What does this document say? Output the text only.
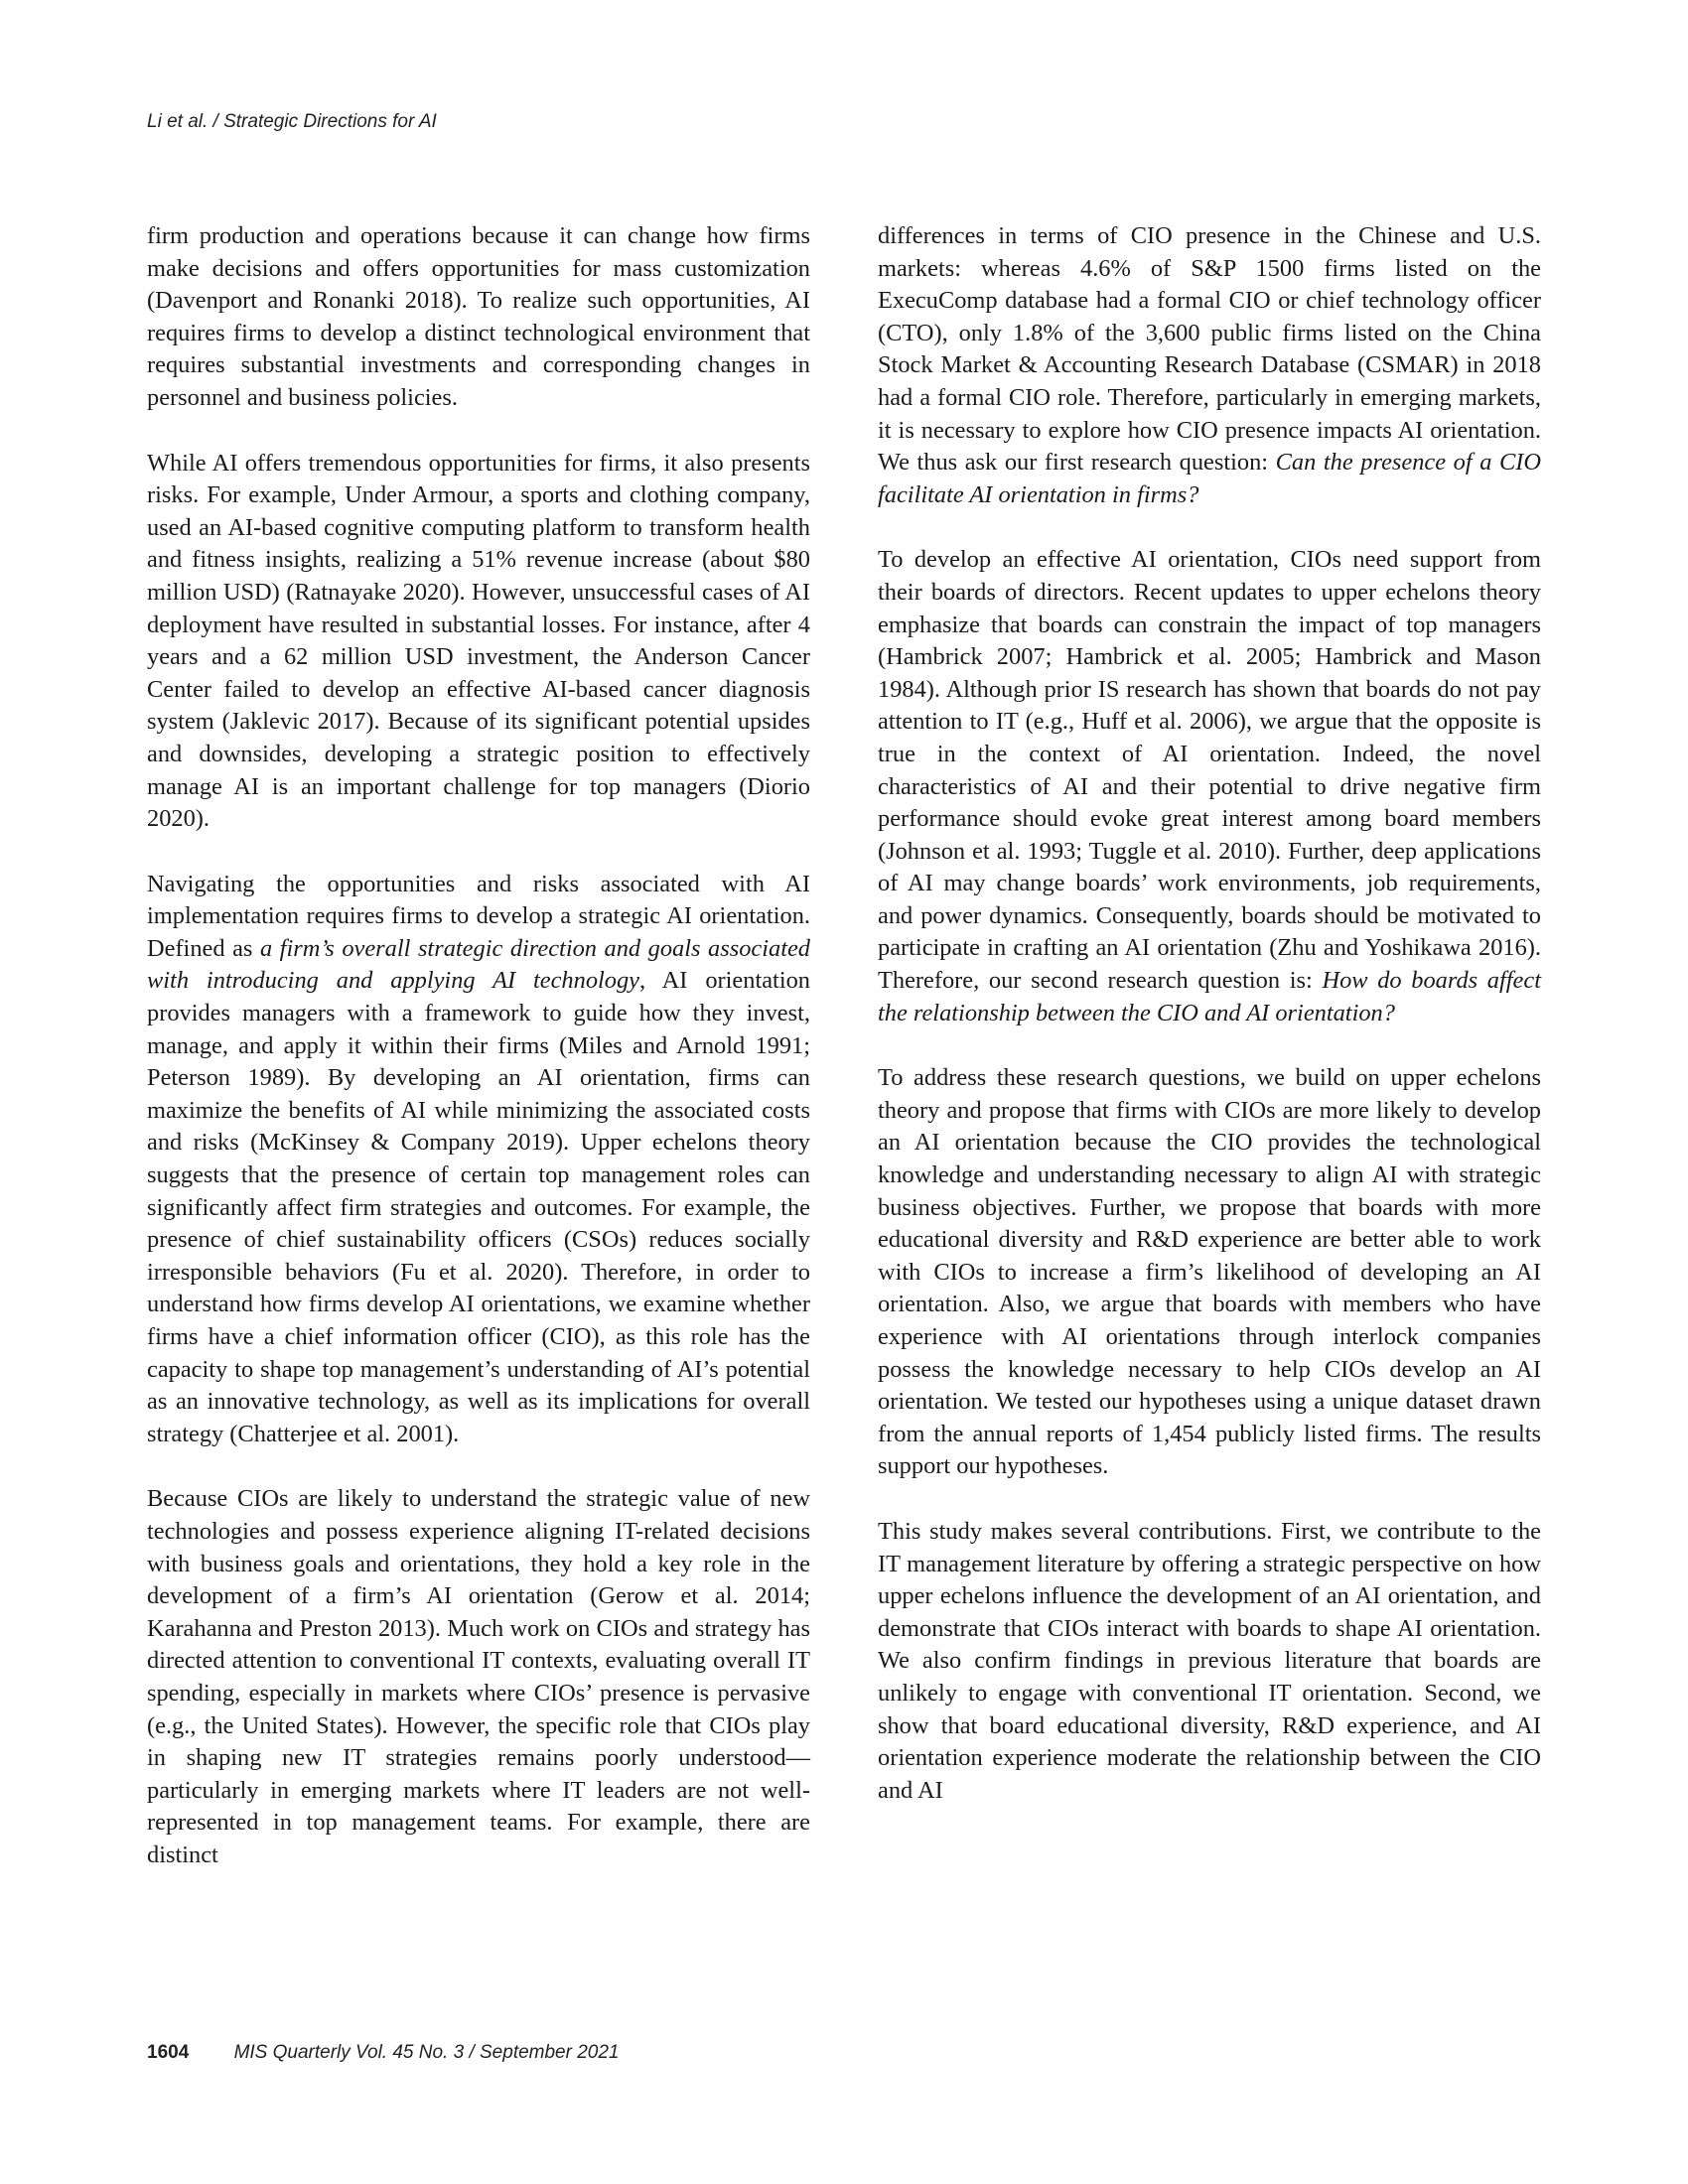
Li et al. / Strategic Directions for AI

firm production and operations because it can change how firms make decisions and offers opportunities for mass customization (Davenport and Ronanki 2018). To realize such opportunities, AI requires firms to develop a distinct technological environment that requires substantial investments and corresponding changes in personnel and business policies.

While AI offers tremendous opportunities for firms, it also presents risks. For example, Under Armour, a sports and clothing company, used an AI-based cognitive computing platform to transform health and fitness insights, realizing a 51% revenue increase (about $80 million USD) (Ratnayake 2020). However, unsuccessful cases of AI deployment have resulted in substantial losses. For instance, after 4 years and a 62 million USD investment, the Anderson Cancer Center failed to develop an effective AI-based cancer diagnosis system (Jaklevic 2017). Because of its significant potential upsides and downsides, developing a strategic position to effectively manage AI is an important challenge for top managers (Diorio 2020).

Navigating the opportunities and risks associated with AI implementation requires firms to develop a strategic AI orientation. Defined as a firm’s overall strategic direction and goals associated with introducing and applying AI technology, AI orientation provides managers with a framework to guide how they invest, manage, and apply it within their firms (Miles and Arnold 1991; Peterson 1989). By developing an AI orientation, firms can maximize the benefits of AI while minimizing the associated costs and risks (McKinsey & Company 2019). Upper echelons theory suggests that the presence of certain top management roles can significantly affect firm strategies and outcomes. For example, the presence of chief sustainability officers (CSOs) reduces socially irresponsible behaviors (Fu et al. 2020). Therefore, in order to understand how firms develop AI orientations, we examine whether firms have a chief information officer (CIO), as this role has the capacity to shape top management’s understanding of AI’s potential as an innovative technology, as well as its implications for overall strategy (Chatterjee et al. 2001).

Because CIOs are likely to understand the strategic value of new technologies and possess experience aligning IT-related decisions with business goals and orientations, they hold a key role in the development of a firm’s AI orientation (Gerow et al. 2014; Karahanna and Preston 2013). Much work on CIOs and strategy has directed attention to conventional IT contexts, evaluating overall IT spending, especially in markets where CIOs’ presence is pervasive (e.g., the United States). However, the specific role that CIOs play in shaping new IT strategies remains poorly understood—particularly in emerging markets where IT leaders are not well-represented in top management teams. For example, there are distinct

differences in terms of CIO presence in the Chinese and U.S. markets: whereas 4.6% of S&P 1500 firms listed on the ExecuComp database had a formal CIO or chief technology officer (CTO), only 1.8% of the 3,600 public firms listed on the China Stock Market & Accounting Research Database (CSMAR) in 2018 had a formal CIO role. Therefore, particularly in emerging markets, it is necessary to explore how CIO presence impacts AI orientation. We thus ask our first research question: Can the presence of a CIO facilitate AI orientation in firms?

To develop an effective AI orientation, CIOs need support from their boards of directors. Recent updates to upper echelons theory emphasize that boards can constrain the impact of top managers (Hambrick 2007; Hambrick et al. 2005; Hambrick and Mason 1984). Although prior IS research has shown that boards do not pay attention to IT (e.g., Huff et al. 2006), we argue that the opposite is true in the context of AI orientation. Indeed, the novel characteristics of AI and their potential to drive negative firm performance should evoke great interest among board members (Johnson et al. 1993; Tuggle et al. 2010). Further, deep applications of AI may change boards’ work environments, job requirements, and power dynamics. Consequently, boards should be motivated to participate in crafting an AI orientation (Zhu and Yoshikawa 2016). Therefore, our second research question is: How do boards affect the relationship between the CIO and AI orientation?

To address these research questions, we build on upper echelons theory and propose that firms with CIOs are more likely to develop an AI orientation because the CIO provides the technological knowledge and understanding necessary to align AI with strategic business objectives. Further, we propose that boards with more educational diversity and R&D experience are better able to work with CIOs to increase a firm’s likelihood of developing an AI orientation. Also, we argue that boards with members who have experience with AI orientations through interlock companies possess the knowledge necessary to help CIOs develop an AI orientation. We tested our hypotheses using a unique dataset drawn from the annual reports of 1,454 publicly listed firms. The results support our hypotheses.

This study makes several contributions. First, we contribute to the IT management literature by offering a strategic perspective on how upper echelons influence the development of an AI orientation, and demonstrate that CIOs interact with boards to shape AI orientation. We also confirm findings in previous literature that boards are unlikely to engage with conventional IT orientation. Second, we show that board educational diversity, R&D experience, and AI orientation experience moderate the relationship between the CIO and AI

1604 MIS Quarterly Vol. 45 No. 3 / September 2021
